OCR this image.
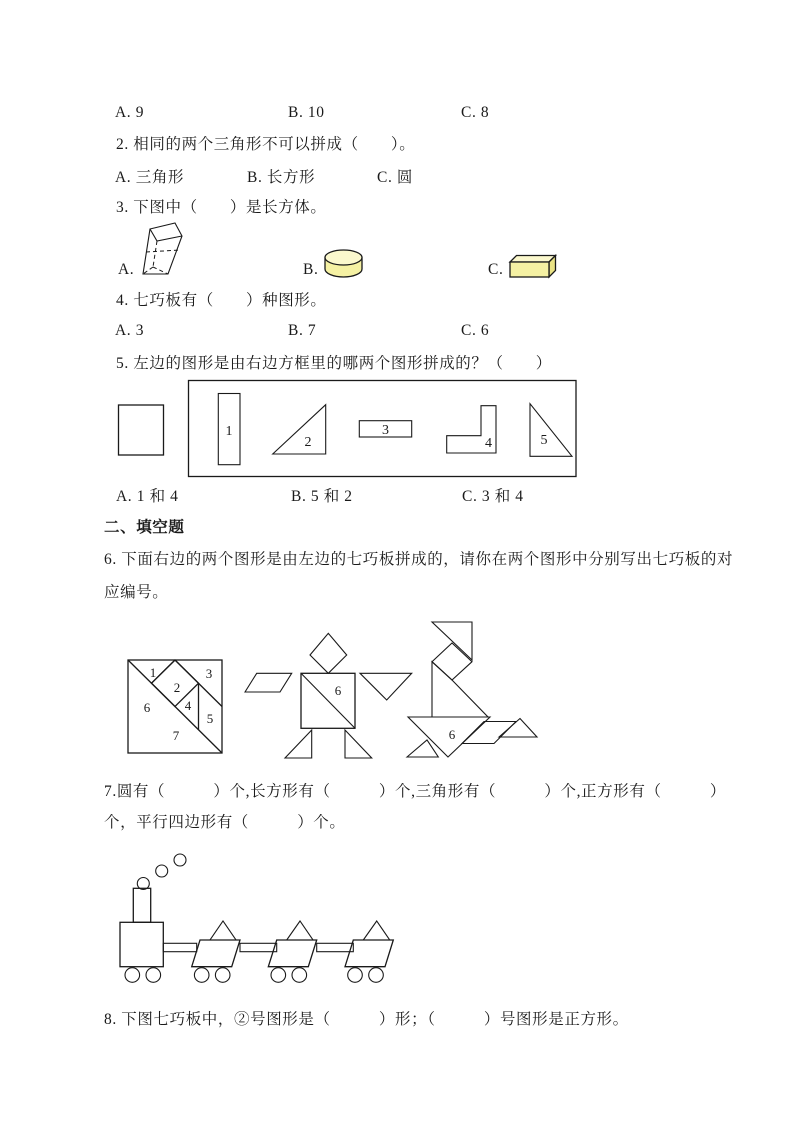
A. 9	B. 10	C. 8
2. 相同的两个三角形不可以拼成（　　）。
A. 三角形	B. 长方形	C. 圆
3. 下图中（　　）是长方体。
A.	B.	C.
4. 七巧板有（　　）种图形。
A. 3	B. 7	C. 6
5. 左边的图形是由右边方框里的哪两个图形拼成的？（　　）
1
2
3
4	5
A. 1 和 4	B. 5 和 2	C. 3 和 4
二、填空题
6. 下面右边的两个图形是由左边的七巧板拼成的，请你在两个图形中分别写出七巧板的对
应编号。
1
2
3
4
5
6
7
6
6
7.圆有（　　　）个,长方形有（　　　）个,三角形有（　　　）个,正方形有（　　　）
个，平行四边形有（　　　）个。
8. 下图七巧板中，②号图形是（　　　）形；（　　　）号图形是正方形。
